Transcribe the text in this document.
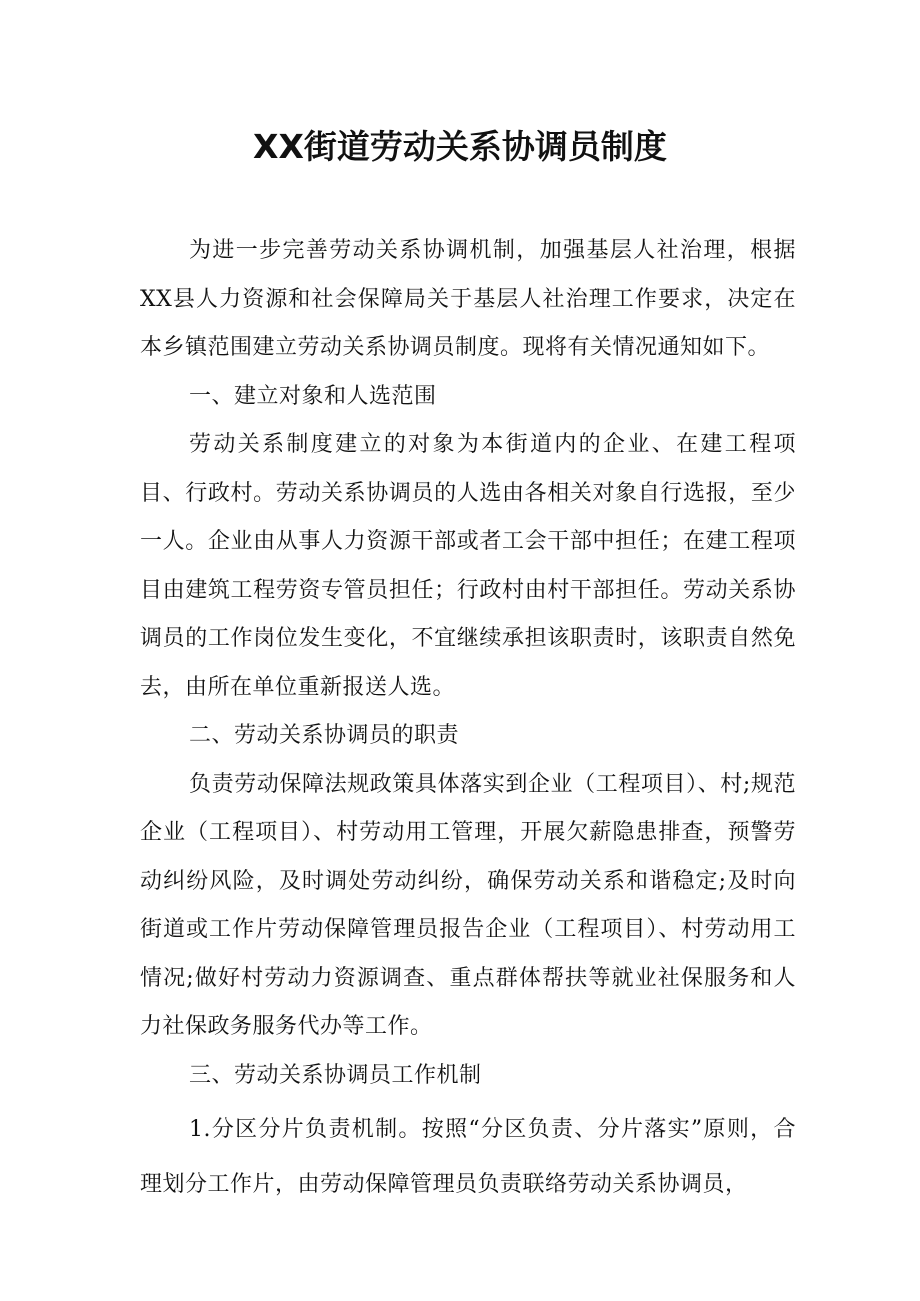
XX街道劳动关系协调员制度

为进一步完善劳动关系协调机制，加强基层人社治理，根据XX县人力资源和社会保障局关于基层人社治理工作要求，决定在本乡镇范围建立劳动关系协调员制度。现将有关情况通知如下。

一、建立对象和人选范围

劳动关系制度建立的对象为本街道内的企业、在建工程项目、行政村。劳动关系协调员的人选由各相关对象自行选报，至少一人。企业由从事人力资源干部或者工会干部中担任；在建工程项目由建筑工程劳资专管员担任；行政村由村干部担任。劳动关系协调员的工作岗位发生变化，不宜继续承担该职责时，该职责自然免去，由所在单位重新报送人选。

二、劳动关系协调员的职责

负责劳动保障法规政策具体落实到企业（工程项目）、村;规范企业（工程项目）、村劳动用工管理，开展欠薪隐患排查，预警劳动纠纷风险，及时调处劳动纠纷，确保劳动关系和谐稳定;及时向街道或工作片劳动保障管理员报告企业（工程项目）、村劳动用工情况;做好村劳动力资源调查、重点群体帮扶等就业社保服务和人力社保政务服务代办等工作。

三、劳动关系协调员工作机制

1.分区分片负责机制。按照“分区负责、分片落实”原则，合理划分工作片，由劳动保障管理员负责联络劳动关系协调员，
